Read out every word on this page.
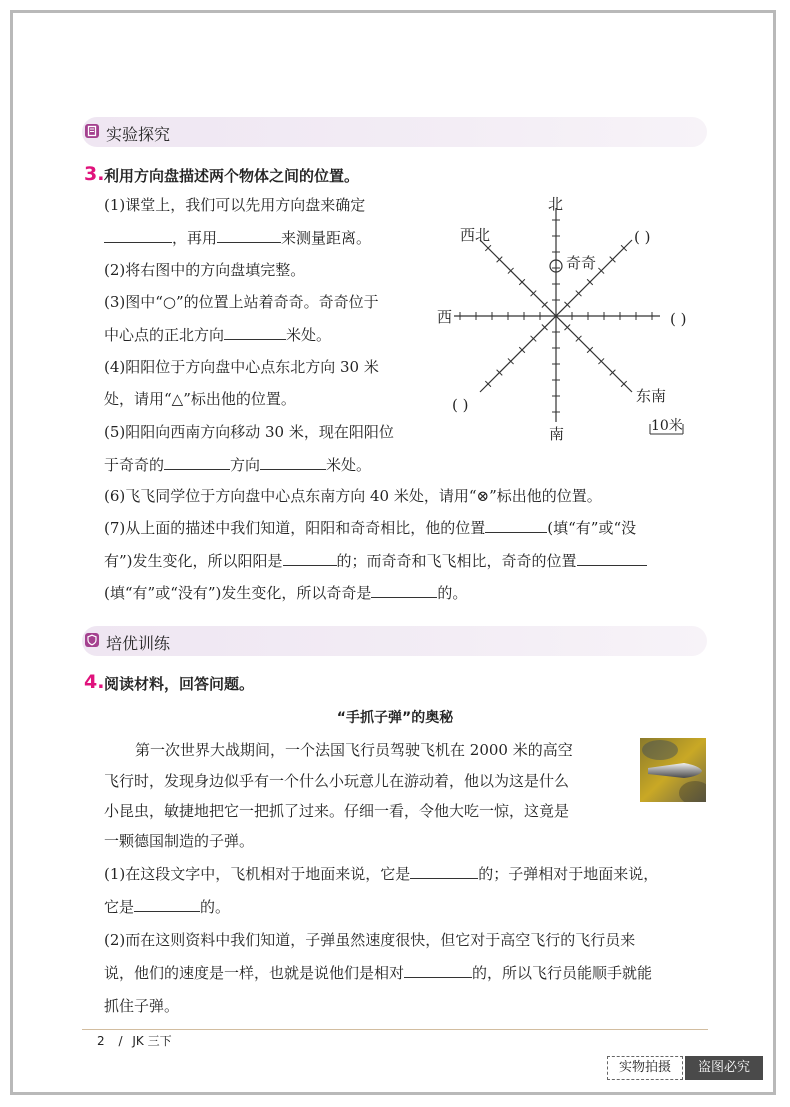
实验探究
3. 利用方向盘描述两个物体之间的位置。
(1)课堂上，我们可以先用方向盘来确定
，再用	来测量距离。
(2)将右图中的方向盘填完整。
(3)图中“○”的位置上站着奇奇。奇奇位于
中心点的正北方向	米处。
(4)阳阳位于方向盘中心点东北方向 30 米
处，请用“△”标出他的位置。
(5)阳阳向西南方向移动 30 米，现在阳阳位
于奇奇的	方向	米处。
(6)飞飞同学位于方向盘中心点东南方向 40 米处，请用“⊗”标出他的位置。
(7)从上面的描述中我们知道，阳阳和奇奇相比，他的位置	(填“有”或“没
有”)发生变化，所以阳阳是	的；而奇奇和飞飞相比，奇奇的位置
(填“有”或“没有”)发生变化，所以奇奇是	的。
北
西北
奇奇
西
( )
( )
( )	东南
南	10米
培优训练
4. 阅读材料，回答问题。
“手抓子弹”的奥秘
第一次世界大战期间，一个法国飞行员驾驶飞机在 2000 米的高空
飞行时，发现身边似乎有一个什么小玩意儿在游动着，他以为这是什么
小昆虫，敏捷地把它一把抓了过来。仔细一看，令他大吃一惊，这竟是
一颗德国制造的子弹。
(1)在这段文字中，飞机相对于地面来说，它是	的；子弹相对于地面来说，
它是	的。
(2)而在这则资料中我们知道，子弹虽然速度很快，但它对于高空飞行的飞行员来
说，他们的速度是一样，也就是说他们是相对	的，所以飞行员能顺手就能
抓住子弹。
2 / JK 三下
实物拍摄	盗图必究
